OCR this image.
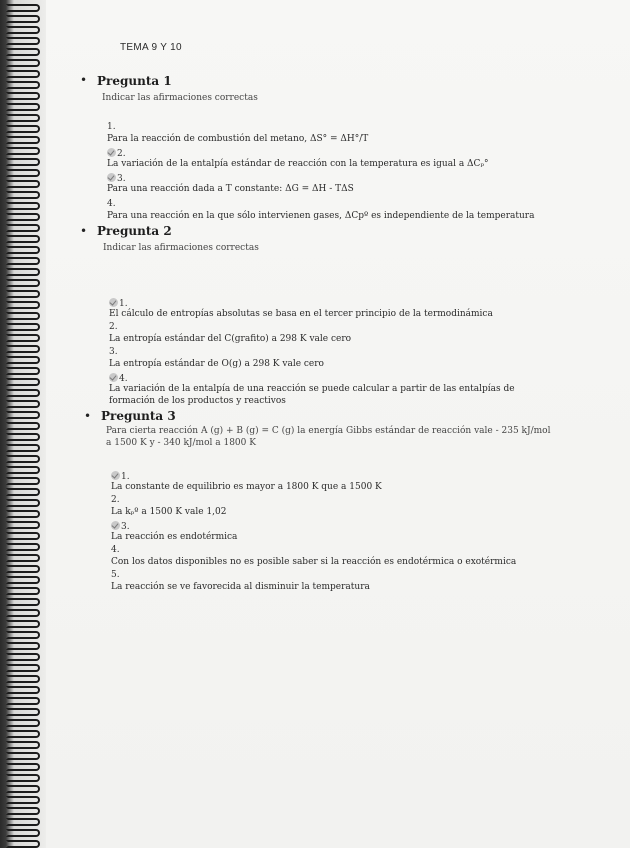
TEMA 9 Y 10
• Pregunta 1
Indicar las afirmaciones correctas
1.
Para la reacción de combustión del metano, ΔS° = ΔH°/T
2.
La variación de la entalpía estándar de reacción con la temperatura es igual a ΔCₚ°
3.
Para una reacción dada a T constante: ΔG = ΔH - TΔS
4.
Para una reacción en la que sólo intervienen gases, ΔCpº es independiente de la temperatura
• Pregunta 2
Indicar las afirmaciones correctas
1.
El cálculo de entropías absolutas se basa en el tercer principio de la termodinámica
2.
La entropía estándar del C(grafito) a 298 K vale cero
3.
La entropía estándar de O(g) a 298 K vale cero
4.
La variación de la entalpía de una reacción se puede calcular a partir de las entalpías de
formación de los productos y reactivos
• Pregunta 3
Para cierta reacción A (g) + B (g) = C (g) la energía Gibbs estándar de reacción vale - 235 kJ/mol
a 1500 K y - 340 kJ/mol a 1800 K
1.
La constante de equilibrio es mayor a 1800 K que a 1500 K
2.
La kₚº a 1500 K vale 1,02
3.
La reacción es endotérmica
4.
Con los datos disponibles no es posible saber si la reacción es endotérmica o exotérmica
5.
La reacción se ve favorecida al disminuir la temperatura
